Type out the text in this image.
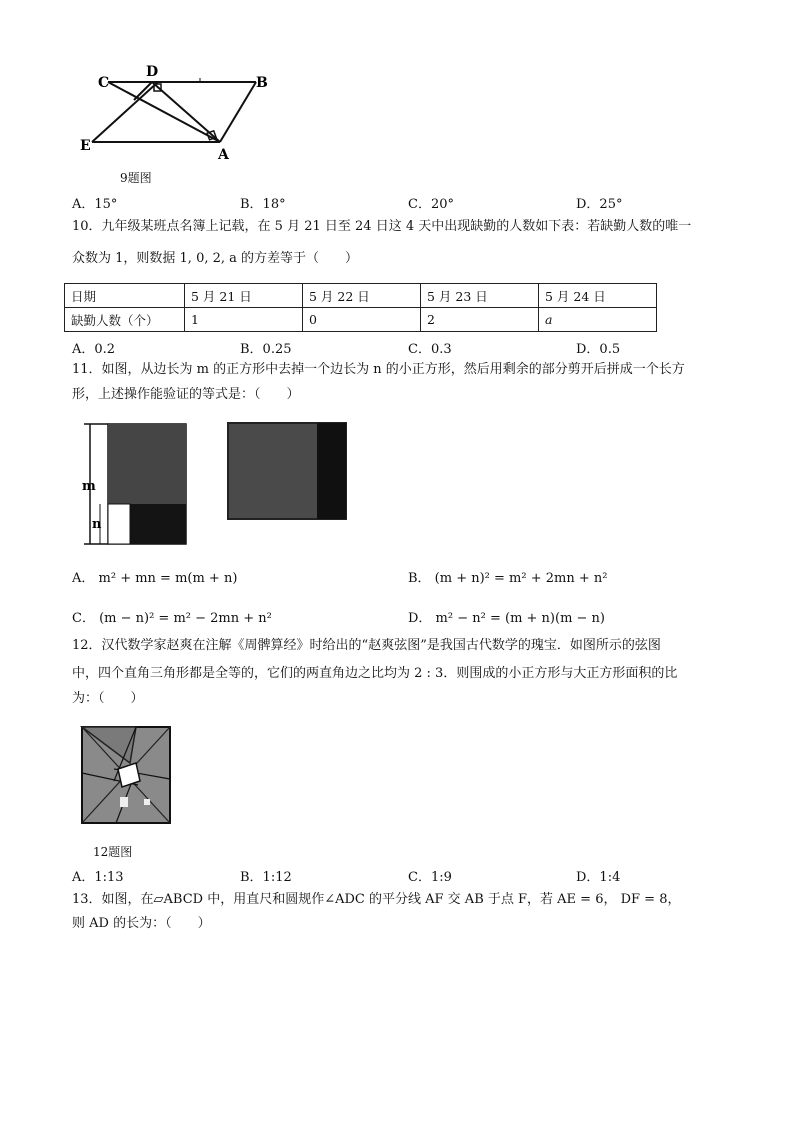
C
D
B
E
A
9题图
A．15°	B．18°	C．20°	D．25°
10．九年级某班点名簿上记载，在 5 月 21 日至 24 日这 4 天中出现缺勤的人数如下表：若缺勤人数的唯一
众数为 1，则数据 1, 0, 2, a 的方差等于（　　）
日期	5 月 21 日	5 月 22 日	5 月 23 日	5 月 24 日
缺勤人数（个）	1	0	2	a
A．0.2	B．0.25	C．0.3	D．0.5
11．如图，从边长为 m 的正方形中去掉一个边长为 n 的小正方形，然后用剩余的部分剪开后拼成一个长方
形，上述操作能验证的等式是：（　　）
m
n
A． m² + mn = m(m + n)	B． (m + n)² = m² + 2mn + n²
C． (m − n)² = m² − 2mn + n²	D． m² − n² = (m + n)(m − n)
12．汉代数学家赵爽在注解《周髀算经》时给出的“赵爽弦图”是我国古代数学的瑰宝．如图所示的弦图
中，四个直角三角形都是全等的，它们的两直角边之比均为 2 : 3．则围成的小正方形与大正方形面积的比
为：（　　）
12题图
A．1:13	B．1:12	C．1:9	D．1:4
13．如图，在▱ABCD 中，用直尺和圆规作∠ADC 的平分线 AF 交 AB 于点 F，若 AE = 6， DF = 8，
则 AD 的长为：（　　）
